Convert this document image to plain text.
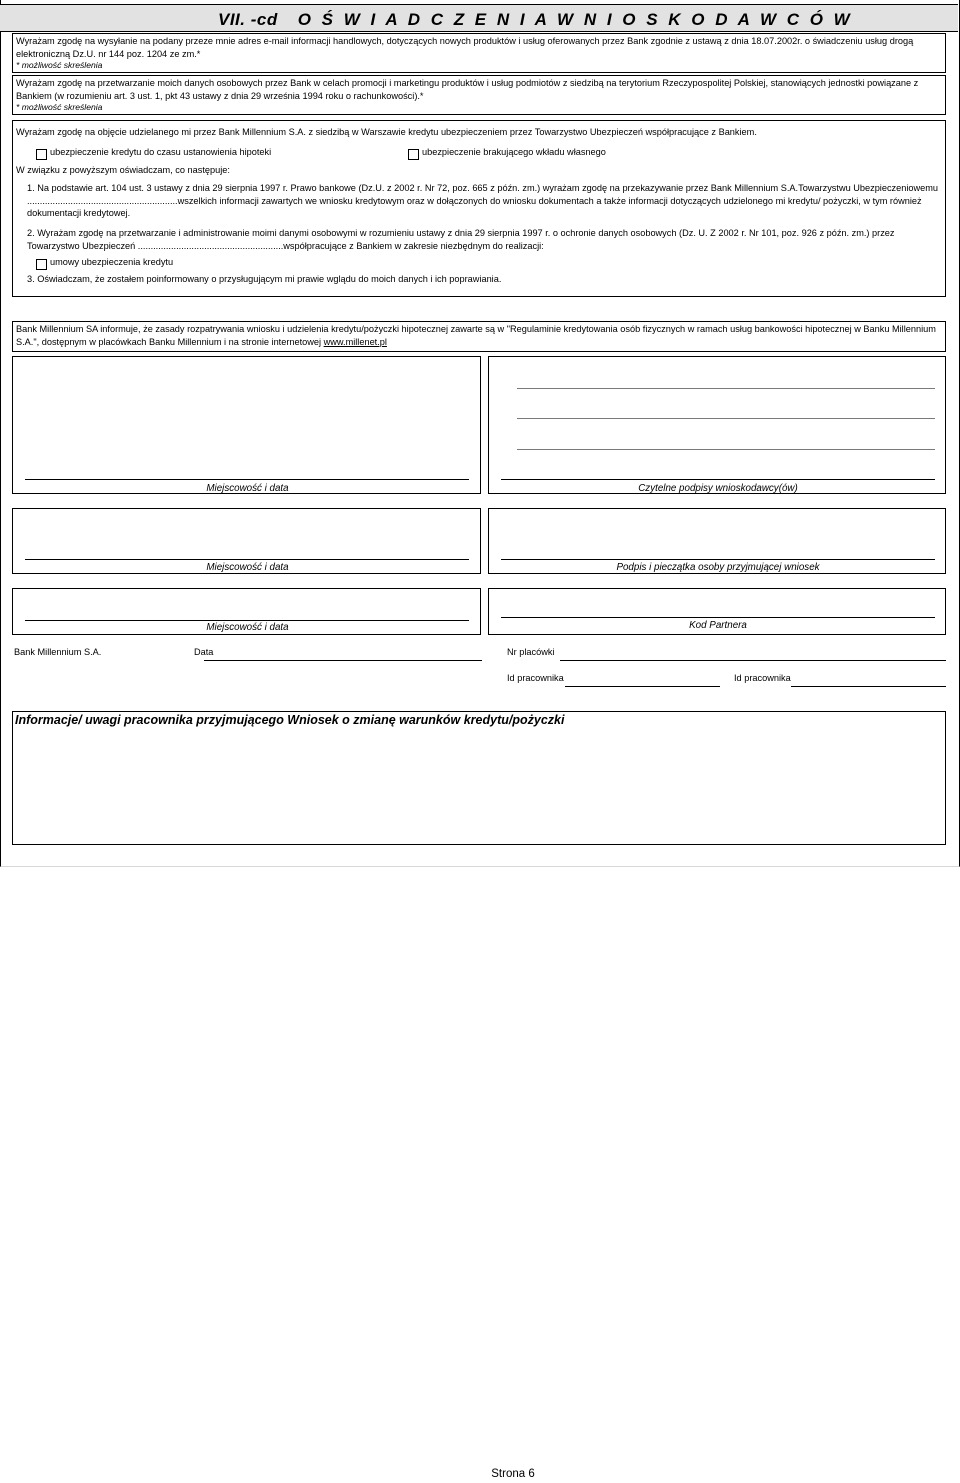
VII. -cd O Ś W I A D C Z E N I A W N I O S K O D A W C Ó W
Wyrażam zgodę na wysyłanie na podany przeze mnie adres e-mail informacji handlowych, dotyczących nowych produktów i usług oferowanych przez Bank zgodnie z ustawą z dnia 18.07.2002r. o świadczeniu usług drogą elektroniczną Dz.U. nr 144 poz. 1204 ze zm.*
* możliwość skreślenia
Wyrażam zgodę na przetwarzanie moich danych osobowych przez Bank w celach promocji i marketingu produktów i usług podmiotów z siedzibą na terytorium Rzeczypospolitej Polskiej, stanowiących jednostki powiązane z Bankiem (w rozumieniu art. 3 ust. 1, pkt 43 ustawy z dnia 29 września 1994 roku o rachunkowości).*
* możliwość skreślenia
Wyrażam zgodę na objęcie udzielanego mi przez Bank Millennium S.A. z siedzibą w Warszawie kredytu ubezpieczeniem przez Towarzystwo Ubezpieczeń współpracujące z Bankiem.
ubezpieczenie kredytu do czasu ustanowienia hipoteki	ubezpieczenie brakującego wkładu własnego
W związku z powyższym oświadczam, co następuje:
1. Na podstawie art. 104 ust. 3 ustawy z dnia 29 sierpnia 1997 r. Prawo bankowe (Dz.U. z 2002 r. Nr 72, poz. 665 z późn. zm.) wyrażam zgodę na przekazywanie przez Bank Millennium S.A.Towarzystwu Ubezpieczeniowemu ...........................................................wszelkich informacji zawartych we wniosku kredytowym oraz w dołączonych do wniosku dokumentach a także informacji dotyczących udzielonego mi kredytu/ pożyczki, w tym również dokumentacji kredytowej.
2. Wyrażam zgodę na przetwarzanie i administrowanie moimi danymi osobowymi w rozumieniu ustawy z dnia 29 sierpnia 1997 r. o ochronie danych osobowych (Dz. U. Z 2002 r. Nr 101, poz. 926 z późn. zm.) przez Towarzystwo Ubezpieczeń .........................................................współpracujące z Bankiem w zakresie niezbędnym do realizacji:
umowy ubezpieczenia kredytu
3. Oświadczam, że zostałem poinformowany o przysługującym mi prawie wglądu do moich danych i ich poprawiania.
Bank Millennium SA informuje, że zasady rozpatrywania wniosku i udzielenia kredytu/pożyczki hipotecznej zawarte są w "Regulaminie kredytowania osób fizycznych w ramach usług bankowości hipotecznej w Banku Millennium S.A.", dostępnym w placówkach Banku Millennium i na stronie internetowej www.millenet.pl
Miejscowość i data	Czytelne podpisy wnioskodawcy(ów)
Miejscowość i data	Podpis i pieczątka osoby przyjmującej wniosek
Miejscowość i data	Kod Partnera
Bank Millennium S.A.	Data	Nr placówki
Id pracownika	Id pracownika
Informacje/ uwagi pracownika przyjmującego Wniosek o zmianę warunków kredytu/pożyczki
Strona 6
